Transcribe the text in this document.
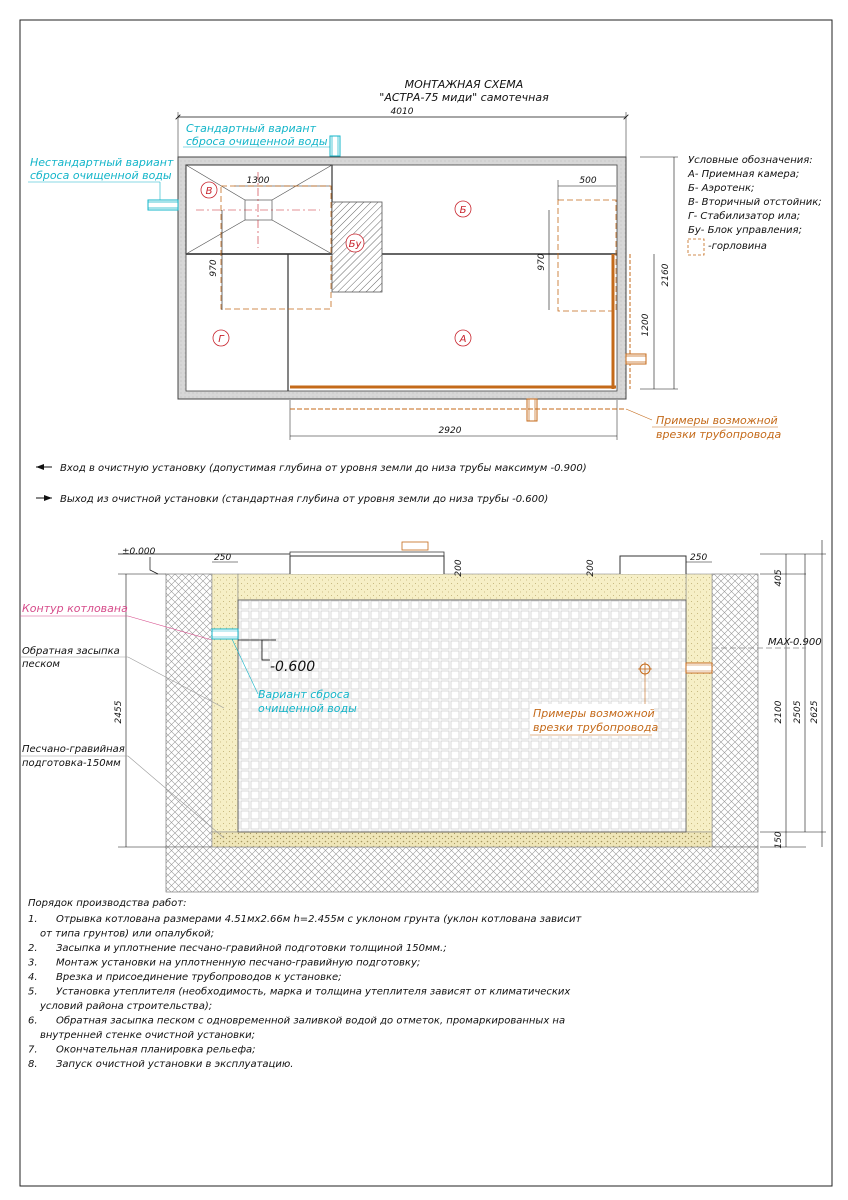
МОНТАЖНАЯ СХЕМА
"АСТРА-75 миди" самотечная
4010
1300	500
970	970
2160
1200
2920
В
Б
Бу
Г	А
Стандартный вариант
сброса очищенной воды
Нестандартный вариант
сброса очищенной воды
Примеры возможной
врезки трубопровода
Условные обозначения:
А- Приемная камера;
Б- Аэротенк;
В- Вторичный отстойник;
Г- Стабилизатор ила;
Бу- Блок управления;
-горловина
Вход в очистную установку (допустимая глубина от уровня земли до низа трубы максимум -0.900)
Выход из очистной установки (стандартная глубина от уровня земли до низа трубы -0.600)
±0.000
250	250
200	200
405
2100 2505 2625
150
2455
MAX-0.900
-0.600
Контур котлована
Обратная засыпка
песком
Песчано-гравийная
подготовка-150мм
Вариант сброса
очищенной воды	Примеры возможной
врезки трубопровода
Порядок производства работ:
1. Отрывка котлована размерами 4.51мх2.66м h=2.455м с уклоном грунта (уклон котлована зависит
от типа грунтов) или опалубкой;
2. Засыпка и уплотнение песчано-гравийной подготовки толщиной 150мм.;
3. Монтаж установки на уплотненную песчано-гравийную подготовку;
4. Врезка и присоединение трубопроводов к установке;
5. Установка утеплителя (необходимость, марка и толщина утеплителя зависят от климатических
условий района строительства);
6. Обратная засыпка песком с одновременной заливкой водой до отметок, промаркированных на
внутренней стенке очистной установки;
7. Окончательная планировка рельефа;
8. Запуск очистной установки в эксплуатацию.
